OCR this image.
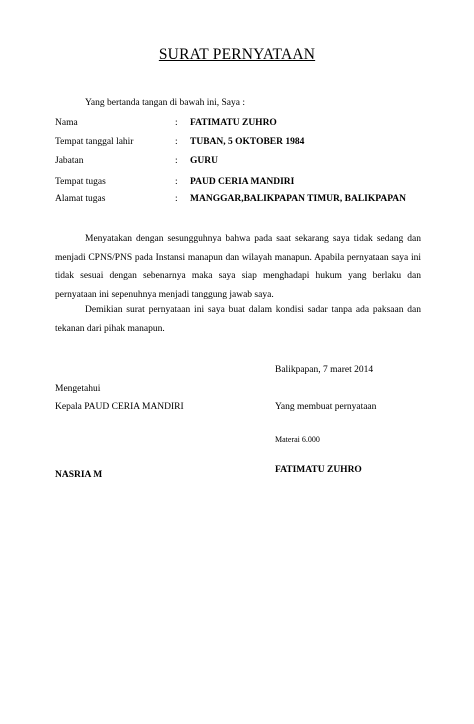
SURAT PERNYATAAN
Yang bertanda tangan di bawah ini, Saya :
Nama	: FATIMATU ZUHRO
Tempat tanggal lahir	: TUBAN, 5 OKTOBER 1984
Jabatan	: GURU
Tempat tugas	: PAUD CERIA MANDIRI
Alamat tugas	: MANGGAR,BALIKPAPAN TIMUR, BALIKPAPAN

Menyatakan dengan sesungguhnya bahwa pada saat sekarang saya tidak sedang dan menjadi CPNS/PNS pada Instansi manapun dan wilayah manapun. Apabila pernyataan saya ini tidak sesuai dengan sebenarnya maka saya siap menghadapi hukum yang berlaku dan pernyataan ini sepenuhnya menjadi tanggung jawab saya.

Demikian surat pernyataan ini saya buat dalam kondisi sadar tanpa ada paksaan dan tekanan dari pihak manapun.

Balikpapan, 7 maret 2014
Mengetahui
Kepala PAUD CERIA MANDIRI	Yang membuat pernyataan
Materai 6.000
NASRIA M	FATIMATU ZUHRO
